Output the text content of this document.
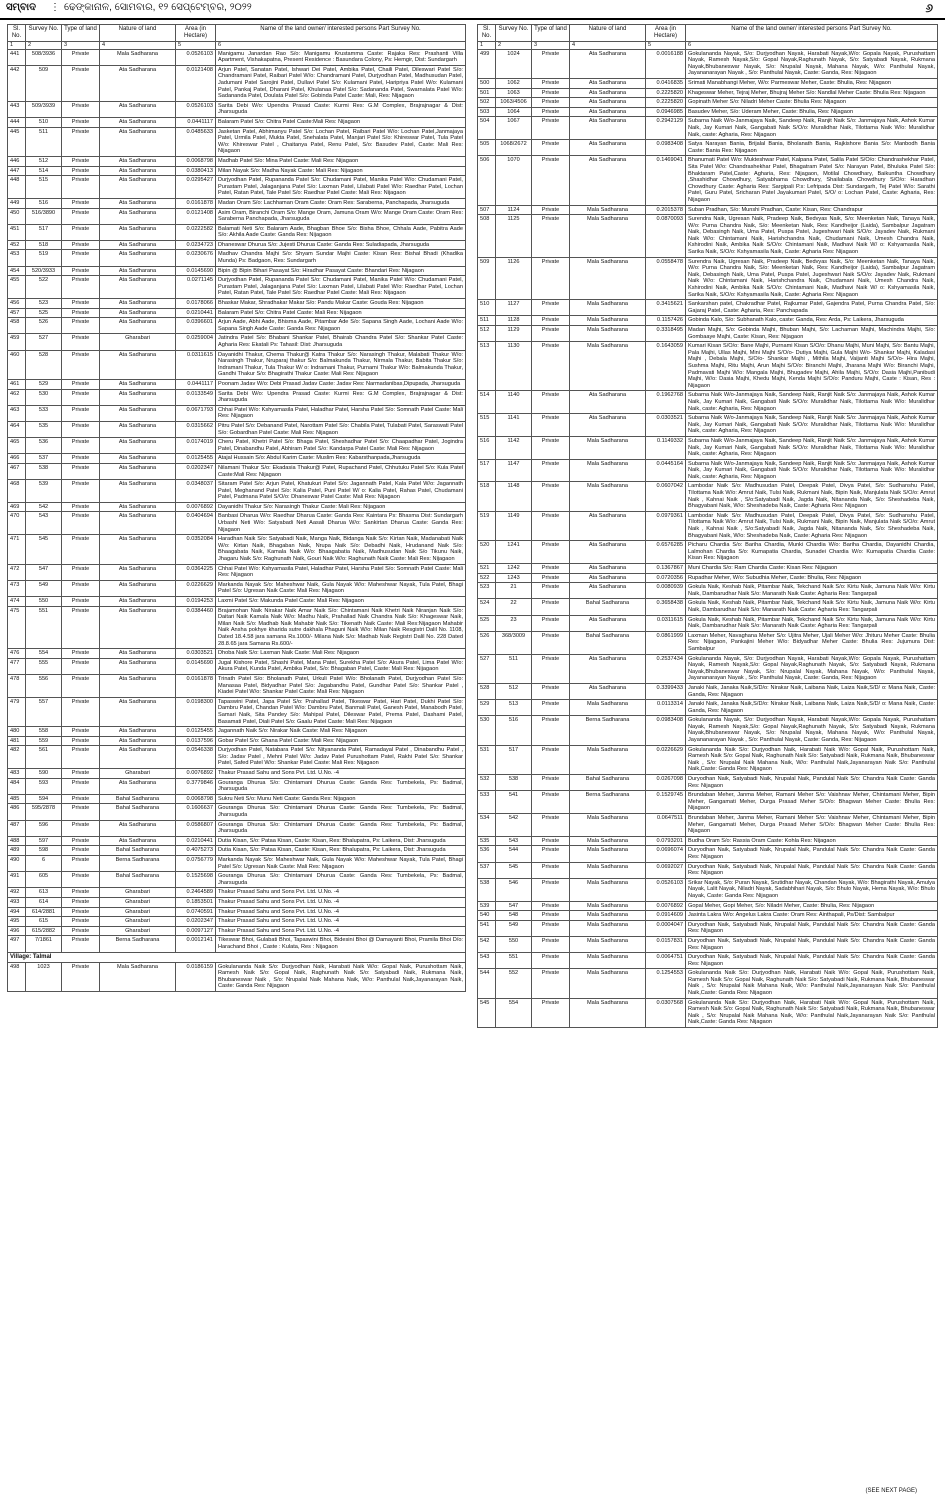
ସମ୍ବାଦ ⋮ ଢେଙ୍କାନାଳ, ସୋମବାର, ୧୨ ସେପ୍ଟେମ୍ବର, ୨୦୨୨	୬
Sl. No.	Survey No.	Type of land	Nature of land	Area (in Hectare)	Name of the land owner/ interested persons Part Survey No.
1	2	3	4	5	6
441	508/3936	Private	Mala Sadharana	0.0526103	Manigamu Janardan Rao S/o: Manigamu Krustamma Caste: Rajaka Res: Prashanti Villa Apartment, Vishakapatna, Present Residence : Basundara Colony, Ps: Hemgir, Dist: Sundargarh
442	509	Private	Ata Sadharana	0.0121408	Arjun Patel, Sanatan Patel, Ishwari Dei Patel, Ambika Patel, Chaili Patel, Dileswari Patel S/o: Chandramani Patel, Raibari Patel W/o: Chandramani Patel, Durjyodhan Patel, Madhusudan Patel, Jadumani Patel Sarojini Patel, Dullavi Patel S/o: Kulamani Patel, Haripriya Patel W/o: Kulamani Patel, Pankaj Patel, Dharani Patel, Khulanaa Patel S/o: Sadananda Patel, Swarnalata Patel W/o: Sadananda Patel, Doulata Patel S/o: Gobinda Patel Caste: Mali, Res: Nijagaon
443	509/3939	Private	Ata Sadharana	0.0526103	Sarita Debi W/o: Upendra Prasad Caste: Kurmi Res: G.M Complex, Brajrajnagar & Dist: Jharsuguda
444	510	Private	Ata Sadharana	0.0441117	Balaram Patel S/o: Chitra Patel Caste:Mali Res: Nijagaon
445	511	Private	Ata Sadharana	0.0485633	Jasketan Patel, Abhimanyu Patel S/o: Lochan Patel, Raibari Patel W/o: Lochan Patel,Janmajaya Patel, Urmila Patel, Mukta Patel, Snehalata Patel, Manjari Patel S/o: Khireswar Patel, Tula Patel W/o: Khireswar Patel , Chaitanya Patel, Renu Patel, S/o: Basudev Patel, Caste: Mali Res: Nijagaon
446	512	Private	Ata Sadharana	0.0068798	Madhab Patel S/o: Mina Patel Caste: Mali Res: Nijagaon
447	514	Private	Ata Sadharana	0.0380413	Milan Nayak S/o: Madha Nayak Caste: Mali Res: Nijagaon
448	515	Private	Ata Sadharana	0.0295427	Durjyodhan Patel, Rupananda Patel S/o: Chudamani Patel, Manika Patel W/o: Chudamani Patel, Purastam Patel, Jalaganjana Patel S/o: Laxman Patel, Lilabati Patel W/o: Raedhar Patel, Lochan Patel, Ratan Patel, Tale Patel S/o: Raedhar Patel Caste: Mali Res: Nijagaon
449	516	Private	Ata Sadharana	0.0161878	Madan Oram S/o: Lachhaman Oram Caste: Oram Res: Saraberna, Panchapada, Jharsuguda
450	516/3890	Private	Ata Sadharana	0.0121408	Asim Oram, Biranchi Oram S/o: Mange Oram, Jamuna Oram W/o: Mange Oram Caste: Oram Res: Saraberna Panchapada, Jharsuguda
451	517	Private	Ata Sadharana	0.0222582	Balamati Neti S/o: Balaram Aade, Bhagban Bhoe S/o: Bisha Bhoe, Chhala Aade, Pabitra Aade S/o: Akhila Aade Caste: Ganda Res: Nijagaon
452	518	Private	Ata Sadharana	0.0234723	Dhaneswar Dhurua S/o: Jujesti Dhurua Caste: Ganda Res: Suladiapada, Jharsuguda
453	519	Private	Ata Sadharana	0.0230676	Madhav Chandra Majhi S/o: Shyam Sundar Majhi Caste: Kisan Res: Bishal Bhadi (Khadika Munda) Ps: Badgaon, Res: Sundargarh
454	520/3933	Private	Ata Sadharana	0.0145690	Bipin @ Bipin Bihari Pasayat S/o: Hiradhar Pasayat Caste: Bhandari Res: Nijagaon
455	522	Private	Ata Sadharana	0.0271145	Durjyodhan Patel, Rupananda Patel S/o: Chudamani Patel, Manika Patel W/o: Chudamani Patel, Purastam Patel, Jalaganjana Patel S/o: Laxman Patel, Lilabati Patel W/o: Raedhar Patel, Lochan Patel, Ratan Patel, Tale Patel S/o: Raedhar Patel Caste: Mali Res: Nijagaon
456	523	Private	Ata Sadharana	0.0178066	Bhaskar Makar, Shradhakar Makar S/o: Pandu Makar Caste: Gouda Res: Nijagaon
457	525	Private	Ata Sadharana	0.0210441	Balaram Patel S/o: Chitra Patel Caste: Mali Res: Nijagaon
458	526	Private	Ata Sadharana	0.0396601	Arjun Aade, Abhi Aade, Bhisma Aade, Pitambar Ade S/o: Sapana Singh Aade, Lochani Aade W/o: Sapana Singh Aade Caste: Ganda Res: Nijagaon
459	527	Private	Gharabari	0.0259004	Jatindra Patel S/o: Bhabani Shankar Patel, Bhairab Chandra Patel S/o: Shankar Patel Caste: Agharia Res: Ekatali Ps: Tahasil: Dist: Jharsuguda
460	528	Private	Ata Sadharana	0.0311615	Dayanidhi Thakur, Chema Thakur@ Katra Thakur S/o: Narasingh Thakur, Malabati Thakur W/o: Narasingh Thakur, Nruparaj thakur S/o: Balmakunda Thakur, Nirmala Thakur, Babita Thakur S/o: Indramani Thakur, Tula Thakur W/ o: Indramani Thakur, Purnami Thakur W/o: Balmakunda Thakur, Gandhi Thakur S/o: Bhagirathi Thakur Caste: Mali Res: Nijagaon
461	529	Private	Ata Sadharana	0.0441117	Poonam Jadav W/o: Debi Prasad Jadav Caste: Jadav Res: Narmadanibas,Dipupada, Jharsuguda
462	530	Private	Ata Sadharana	0.0133549	Sarita Debi W/o: Upendra Prasad Caste: Kurmi Res: G.M Complex, Brajrajnagar & Dist: Jharsuguda
463	533	Private	Ata Sadharana	0.0671793	Chhai Patel W/o: Kshyamasila Patel, Haladhar Patel, Harsha Patel S/o: Somnath Patel Caste: Mali Res: Nijagaon
464	535	Private	Ata Sadharana	0.0315662	Pitru Patel S/o: Debanand Patel, Narottam Patel S/o: Chabila Patel, Tulabati Patel, Saraswati Patel S/o: Gobardhan Patel Caste: Mali Res: Nijagaon
465	536	Private	Ata Sadharana	0.0174019	Cheru Patel, Khetri Patel S/o: Bhaga Patel, Sheshadhar Patel S/o: Chaapadhar Patel, Jogindra Patel, Dinabandhu Patel, Abhiram Patel S/o: Kandarpa Patel Caste: Mali Res: Nijagaon
466	537	Private	Ata Sadharana	0.0125455	Atajal Hussain S/o: Abdul Karim Caste: Muslim Res: Kabarsthanpada,Jharsuguda
467	538	Private	Ata Sadharana	0.0202347	Nilamani Thakur S/o: Ekadasia Thakur@ Patel, Rupachand Patel, Chhutuku Patel S/o: Kula Patel Caste:Mali Res: Nijagaon
468	539	Private	Ata Sadharana	0.0348037	Sitaram Patel S/o: Arjun Patel, Khatukuri Patel S/o: Jagannath Patel, Kala Patel W/o: Jagannath Patel, Meghanand Patel S/o: Kalia Patel, Puni Patel W/ o: Kalia Patel, Rahas Patel, Chudamani Patel, Padmana Patel S/O/o: Dhaneswar Patel Caste: Mali Res: Nijagaon
469	542	Private	Ata Sadharana	0.0076892	Dayanidhi Thakur S/o: Narasingh Thakur Caste: Mali Res: Nijagaon
470	543	Private	Ata Sadharana	0.0404694	Banbasi Dharua W/o: Raedhar Dharua Caste: Ganda Res: Kaintara Ps: Bhasma Dist: Sundargarh Urbashi Neti W/o: Satyabadi Neti Aasali Dharua W/o: Sankirtan Dharua Caste: Ganda Res: Nijagaon
471	545	Private	Ata Sadharana	0.0352084	Haradhan Naik S/o: Satyabadi Naik, Manga Naik, Bidanga Naik S/o: Kirtan Naik, Madanabati Naik W/o: Kirtan Naik, Bhagaban Naik, Nrupa Naik S/o: Debadhi Naik, Hrudanand Naik S/o: Bhaagabata Naik, Kamala Naik W/o: Bhaagabatia Naik, Madhusudan Naik S/o Tikunu Naik, Jhagaru Naik S/o: Raghunath Naik, Gouri Naik W/o: Raghunath Naik Caste: Mali Res: Nijagaon
472	547	Private	Ata Sadharana	0.0364225	Chhai Patel W/o: Kshyamasila Patel, Haladhar Patel, Harsha Patel S/o: Somnath Patel Caste: Mali Res: Nijagaon
473	549	Private	Ata Sadharana	0.0226629	Markanda Nayak S/o: Maheshwar Naik, Gula Nayak W/o: Maheshwar Nayak, Tula Patel, Bhagi Patel S/o: Ugresan Naik Caste: Mali Res: Nijagaon
474	550	Private	Ata Sadharana	0.0194253	Laxmi Patel S/o: Makunda Patel Caste: Mali Res: Nijagaon
475	551	Private	Ata Sadharana	0.0384460	Brajamohan Naik Nirakar Naik Amar Naik S/o: Chintamani Naik Khetri Naik Niranjan Naik S/o: Daitari Naik Kamala Naik W/o: Madhu Naik, Prahallad Naik Chandra Naik S/o: Khageswar Naik, Milan Naik S/o: Madhab Naik Mahabir Naik S/o: Tikenath Naik Caste: Mali Res:Nijagaon Mahabir Naik Ansha pokhye kharida sutre dakhala Phaguni Naik W/o: Milan Naik Resgistri Dalil No. 1108, Dated 18.4.58 jara samana Rs.1000/- Milana Naik S/o: Madhab Naik Registri Dalil No. 228 Dated 28.8.65 jara Samana Rs.600/-
476	554	Private	Ata Sadharana	0.0303521	Dhoba Naik S/o: Laxman Naik Caste: Mali Res: Nijagaon
477	555	Private	Ata Sadharana	0.0145690	Jugal Kishore Patel, Shashi Patel, Mana Patel, Surekha Patel S/o: Akura Patel, Lima Patel W/o: Akura Patel, Kunda Patel, Ambika Patel, S/o: Bhagaban Patel, Caste: Mali Res: Nijagaon
478	556	Private	Ata Sadharana	0.0161878	Trinath Patel S/o: Bholanath Patel, Urkuli Patel W/o: Bholanath Patel, Durjyodhan Patel S/o: Manasaa Patel, Bidyadhar Patel S/o: Jagabandhu Patel, Gundhar Patel S/o: Shankar Patel , Kiadei Patel W/o: Shankar Patel Caste: Mali Res: Nijagaon
479	557	Private	Ata Sadharana	0.0198300	Tapaswini Patel, Japa Patel S/o: Prahallad Patel, Tikeswar Patel, Hari Patel, Dukhi Patel S/o: Dambru Patel, Chandan Patel W/o: Dambru Patel, Banmali Patel, Ganesh Patel, Manabodh Patel, Samari Naik, Sita Pandey S/o: Mahipal Patel, Dileswar Patel, Prema Patel, Dashami Patel, Basamati Patel, Diali Patel S/o: Gaalu Patel Caste: Mali Res: Nijagaon
480	558	Private	Ata Sadharana	0.0125455	Jagannath Naik S/o: Nirakar Naik Caste: Mali Res: Nijagaon
481	559	Private	Ata Sadharana	0.0137596	Gobar Patel S/o: Ghana Patel Caste: Mali Res: Nijagaon
482	561	Private	Ata Sadharana	0.0546338	Durjyodhan Patel, Natabara Patel S/o: Nityananda Patel, Ramadayal Patel , Dinabandhu Patel , S/o: Jadav Patel , Mehni Patel W/o: Jadav Patel Purushottam Patel, Rakhi Patel S/o: Shankar Patel, Safed Patel W/o: Shankar Patel Caste: Mali Res: Nijagaon
483	590	Private	Gharabari	0.0076892	Thakur Prasad Sahu and Sons Pvt. Ltd. U.No. -4
484	593	Private	Ata Sadharana	0.3779846	Gouranga Dhurua S/o: Chintamani Dhurua Caste: Ganda Res: Tumbekela, Ps: Badmal, Jharsuguda
485	594	Private	Bahal Sadharana	0.0068798	Sukru Neti S/o: Munu Neti Caste: Ganda Res: Nijagaon
486	595/2878	Private	Bahal Sadharana	0.1606637	Gouranga Dhurua S/o: Chintamani Dhurua Caste: Ganda Res: Tumbekela, Ps: Badmal, Jharsuguda
487	596	Private	Ata Sadharana	0.0586807	Gouranga Dhurua S/o: Chintamani Dhurua Caste: Ganda Res: Tumbekela, Ps: Badmal, Jharsuguda
488	597	Private	Ata Sadharana	0.0210441	Dutia Kisan, S/o: Pataa Kisan, Caste: Kisan, Res: Bhalupatra, Ps: Laikera, Dist: Jharsuguda
489	598	Private	Bahal Sadharana	0.4075273	Dutia Kisan, S/o: Pataa Kisan, Caste: Kisan, Res: Bhalupatra, Ps: Laikera, Dist: Jharsuguda
490	6	Private	Berna Sadharana	0.0756779	Markanda Nayak S/o: Maheshwar Naik, Gula Nayak W/o: Maheshwar Nayak, Tula Patel, Bhagi Patel S/o: Ugresan Naik Caste: Mali Res: Nijagaon
491	605	Private	Bahal Sadharana	0.1525698	Gouranga Dhurua S/o: Chintamani Dhurua Caste: Ganda Res: Tumbekela, Ps: Badmal, Jharsuguda
492	613	Private	Gharabari	0.2464589	Thakur Prasad Sahu and Sons Pvt. Ltd. U.No. -4
493	614	Private	Gharabari	0.1853501	Thakur Prasad Sahu and Sons Pvt. Ltd. U.No. -4
494	614/2881	Private	Gharabari	0.0740591	Thakur Prasad Sahu and Sons Pvt. Ltd. U.No. -4
495	615	Private	Gharabari	0.0202347	Thakur Prasad Sahu and Sons Pvt. Ltd. U.No. -4
496	615/2882	Private	Gharabari	0.0097127	Thakur Prasad Sahu and Sons Pvt. Ltd. U.No. -4
497	7/1861	Private	Berna Sadharana	0.0012141	Tikeswar Bhoi, Gulabati Bhoi, Tapaswini Bhoi, Bidesini Bhoi @ Damayanti Bhoi, Pramila Bhoi D/o: Harachand Bhoi , Caste : Kulata, Res : Nijagaon
Village: Talmal					
498	1023	Private	Mala Sadharana	0.0186159	Gokulananda Naik S/o: Durjyodhan Naik, Harabati Naik W/o: Gopal Naik, Purushottam Naik, Ramesh Naik S/o: Gopal Naik, Raghunath Naik S/o: Satyabadi Naik, Rukmana Naik, Bhubaneswar Naik , S/o: Nrupalal Naik Mahana Naik, W/o: Panthulal Naik,Jayanarayan Naik, Caste: Ganda Res: Nijagaon
Sl. No.	Survey No.	Type of land	Nature of land	Area (in Hectare)	Name of the land owner/ interested persons Part Survey No.
1	2	3	4	5	6
499	1024	Private	Ata Sadharana	0.0016188	Gokulananda Nayak, S/o: Durjyodhan Nayak, Harabati Nayak,W/o: Gopala Nayak, Purushattam Nayak, Ramesh Nayak,S/o: Gopal Nayak,Raghunath Nayak, S/o: Satyabadi Nayak, Rukmana Nayak,Bhubaneswar Nayak, S/o: Nrupalal Nayak, Mahana Nayak, W/o: Panthulal Nayak, Jayananarayan Nayak , S/o: Panthulal Nayak, Caste: Ganda, Res: Nijagaon
500	1062	Private	Ata Sadharana	0.0416835	Srimati Manabhangi Meher, W/o: Parmeswar Meher, Caste: Bhulia, Res: Nijagaon
501	1063	Private	Ata Sadharana	0.2225820	Khageswar Meher, Tejraj Meher, Bhujraj Meher S/o: Nandlal Meher Caste: Bhulia Res: Nijagaon
502	1063/4506	Private	Ata Sadharana	0.2225820	Gopinath Meher S/o: Niladri Meher Caste: Bhulia Res: Nijagaon
503	1064	Private	Ata Sadharana	0.0946985	Basudev Meher, S/o: Uderam Meher, Caste: Bhulia, Res: Nijagaon
504	1067	Private	Ata Sadharana	0.2942129	Subarna Naik W/o-Janmajaya Naik, Sandeep Naik, Ranjit Naik S/o: Janmajaya Naik, Ashok Kumar Naik, Jay Kumari Naik, Gangabati Naik S/O/o: Muralidhar Naik, Tilottama Naik W/o: Muralidhar Naik, caste: Agharia, Res: Nijagaon
505	1068/2672	Private	Ata Sadharana	0.0983408	Satya Narayan Bania, Brijalal Bania, Bholanath Bania, Rajkishore Bania S/o: Manbodh Bania Caste: Bania Res: Nijagaon
506	1070	Private	Ata Sadharana	0.1469041	Bhanumati Patel W/o: Mukteshwar Patel, Kalpana Patel, Salila Patel S/O/o: Chandrashekhar Patel, Sita Patel W/o: Chandrashekhar Patel, Bhagatram Patel S/o: Narayan Patel, Bhuluka Patel S/o: Bhaktaram Patel,Caste: Agharia, Res: Nijagaon, Motilal Chowdhary, Baikuntha Chowdhary ,Shashidhar Chowdhury, Satyabhama Chowdhury, Shailabala Chowdhury S/O/o: Haradhan Chowdhury Caste: Agharia Res: Sargipali P.s: Lefripada Dist: Sundargarh, Tej Patel W/o: Sarathi Patel, Guru Patel, Sricharan Patel Jayakumari Patel, S/O/ o: Lochan Patel, Caste: Agharia, Res: Nijagaon
507	1124	Private	Mala Sadharana	0.2015378	Suban Pradhan, S/o: Munshi Pradhan, Caste: Kisan, Res: Chandrapur
508	1125	Private	Mala Sadharana	0.0870093	Surendra Naik, Ugresan Naik, Pradeep Naik, Bedvyas Naik, S/o: Meenketan Naik, Tanaya Naik, W/o: Purna Chandra Naik, S/o: Meenketan Naik, Res: Kandheijor (Laida), Sambalpur Jagatram Naik, Debasingh Naik, Uma Patel, Puspa Patel, Jugeshwari Naik S/O/o: Jayadev Naik, Rukmani Naik W/o: Chintamani Naik, Harishchandra Naik, Chudamani Naik, Umesh Chandra Naik, Kshirodini Naik, Ambika Naik S/O/o: Chintamani Naik, Madhavi Naik W/ o: Kshyamasila Naik, Sarika Naik, S/O/o: Kshyamasila Naik, Caste: Agharia Res: Nijagaon
509	1126	Private	Mala Sadharana	0.0558478	Surendra Naik, Ugresan Naik, Pradeep Naik, Bedvyas Naik, S/o: Meenketan Naik, Tanaya Naik, W/o: Purna Chandra Naik, S/o: Meenketan Naik, Res: Kandheijor (Laida), Sambalpur Jagatram Naik, Debasingh Naik, Uma Patel, Puspa Patel, Jugeshwari Naik S/O/o: Jayadev Naik, Rukmani Naik W/o: Chintamani Naik, Harishchandra Naik, Chudamani Naik, Umesh Chandra Naik, Kshirodini Naik, Ambika Naik S/O/o: Chintamani Naik, Madhavi Naik W/ o: Kshyamasila Naik, Sarika Naik, S/O/o: Kshyamasila Naik, Caste: Agharia Res: Nijagaon
510	1127	Private	Mala Sadharana	0.3415621	Sankarshan patel, Chakradhar Patel, Rajkumar Patel, Gajendra Patel, Purna Chandra Patel, S/o: Gajaraj Patel, Caste: Agharia, Res: Panchapada
511	1128	Private	Mala Sadharana	0.1157426	Gobinda Kalo, S/o: Subhanath Kalo, caste: Ganda, Res: Arda, Ps: Laikera, Jharsuguda
512	1129	Private	Mala Sadharana	0.3318495	Madan Majhi, S/o: Gobinda Majhi, Bhuban Majhi, S/o: Lachaman Majhi, Machindra Majhi, S/o: Gombaaye Majhi, Caste: Kisan, Res: Nijagaon
513	1130	Private	Mala Sadharana	0.1643059	Kumari Kisan S/O/o: Bane Majhi, Purnami Kisan S/O/o: Dhanu Majhi, Muni Majhi, S/o: Bantu Majhi, Pala Majhi, Ullas Majhi, Mini Majhi S/O/o- Dutiya Majhi, Gula Majhi W/o- Shankar Majhi, Kaladasi Majhi , Debala Majhi, S/O/o- Shankar Majhi , Mithila Majhi, Vaijanti Majhi S/O/o- Hira Majhi, Sushma Majhi, Ritu Majhi, Arun Majhi S/O/o: Biranchi Majhi, Jharana Majhi W/o: Biranchi Majhi, Padmavati Majhi W/o: Mangala Majhi, Bhugadev Majhi, Ahila Majhi, S/O/o: Dasia Majhi,Panibudi Majhi, W/o: Dasia Majhi, Khedu Majhi, Kenda Majhi S/O/o: Panduru Majhi, Caste : Kisan, Res : Nijagaon
514	1140	Private	Ata Sadharana	0.1962768	Subarna Naik W/o-Janmajaya Naik, Sandeep Naik, Ranjit Naik S/o: Janmajaya Naik, Ashok Kumar Naik, Jay Kumari Naik, Gangabati Naik S/O/o: Muralidhar Naik, Tilottama Naik W/o: Muralidhar Naik, caste: Agharia, Res: Nijagaon
515	1141	Private	Ata Sadharana	0.0303521	Subarna Naik W/o-Janmajaya Naik, Sandeep Naik, Ranjit Naik S/o: Janmajaya Naik, Ashok Kumar Naik, Jay Kumari Naik, Gangabati Naik S/O/o: Muralidhar Naik, Tilottama Naik W/o: Muralidhar Naik, caste: Agharia, Res: Nijagaon
516	1142	Private	Mala Sadharana	0.1149332	Subarna Naik W/o-Janmajaya Naik, Sandeep Naik, Ranjit Naik S/o: Janmajaya Naik, Ashok Kumar Naik, Jay Kumari Naik, Gangabati Naik S/O/o: Muralidhar Naik, Tilottama Naik W/o: Muralidhar Naik, caste: Agharia, Res: Nijagaon
517	1147	Private	Mala Sadharana	0.0445164	Subarna Naik W/o-Janmajaya Naik, Sandeep Naik, Ranjit Naik S/o: Janmajaya Naik, Ashok Kumar Naik, Jay Kumari Naik, Gangabati Naik S/O/o: Muralidhar Naik, Tilottama Naik W/o: Muralidhar Naik, caste: Agharia, Res: Nijagaon
518	1148	Private	Mala Sadharana	0.0607042	Lambodar Naik S/o: Madhusudan Patel, Deepak Patel, Divya Patel, S/o: Sudhanshu Patel, Tilottama Naik W/o: Amrut Naik, Tulsi Naik, Rukmani Naik, Bipin Naik, Manjulata Naik S/O/o: Amrut Naik , Kahnai Naik , S/o:Satyabadi Naik, Jagda Naik, Nitananda Naik, S/o: Sheshadeba Naik, Bhagyabani Naik, W/o: Sheshadeba Naik, Caste: Agharia Res: Nijagaon
519	1149	Private	Ata Sadharana	0.0979361	Lambodar Naik S/o: Madhusudan Patel, Deepak Patel, Divya Patel, S/o: Sudhanshu Patel, Tilottama Naik W/o: Amrut Naik, Tulsi Naik, Rukmani Naik, Bipin Naik, Manjulata Naik S/O/o: Amrut Naik , Kahnai Naik , S/o:Satyabadi Naik, Jagda Naik, Nitananda Naik, S/o: Sheshadeba Naik, Bhagyabani Naik, W/o: Sheshadeba Naik, Caste: Agharia Res: Nijagaon
520	1241	Private	Ata Sadharana	0.6576285	Picharu Chardia S/o: Bariha Chardia, Munki Chardia W/o: Bariha Chardia, Dayanidhi Chardia, Lalmohan Chardia S/o: Kumapatia Chardia, Sunadei Chardia W/o: Kumapatia Chardia Caste: Kisan Res: Nijagaon
521	1242	Private	Ata Sadharana	0.1367867	Muni Chardia S/o: Ram Chardia Caste: Kisan Res: Nijagaon
522	1243	Private	Ata Sadharana	0.0720356	Rupadhar Meher, W/o: Subudhia Meher, Caste: Bhulia, Res: Nijagaon
523	21	Private	Ata Sadharana	0.0080939	Gokula Naik, Keshab Naik, Pitambar Naik, Tekchand Naik S/o: Kirtu Naik, Jamuna Naik W/o: Kirtu Naik, Dambarudhar Naik S/o: Manarath Naik Caste: Agharia Res: Tangarpali
524	22	Private	Bahal Sadharana	0.3658438	Gokula Naik, Keshab Naik, Pitambar Naik, Tekchand Naik S/o: Kirtu Naik, Jamuna Naik W/o: Kirtu Naik, Dambarudhar Naik S/o: Manarath Naik Caste: Agharia Res: Tangarpali
525	23	Private	Ata Sadharana	0.0311615	Gokula Naik, Keshab Naik, Pitambar Naik, Tekchand Naik S/o: Kirtu Naik, Jamuna Naik W/o: Kirtu Naik, Dambarudhar Naik S/o: Manarath Naik Caste: Agharia Res: Tangarpali
526	368/3009	Private	Bahal Sadharana	0.0861999	Laxman Meher, Navaghana Meher S/o: Ujitra Meher, Ujali Meher W/o: Jhituru Meher Caste: Bhulia Res: Nijagaon, Pankajini Meher W/o: Bidyadhar Meher Caste: Bhulia Res: Jujumura Dist: Sambalpur
527	511	Private	Ata Sadharana	0.2537434	Gokulananda Nayak, S/o: Durjyodhan Nayak, Harabati Nayak,W/o: Gopala Nayak, Purushattam Nayak, Ramesh Nayak,S/o: Gopal Nayak,Raghunath Nayak, S/o: Satyabadi Nayak, Rukmana Nayak,Bhubaneswar Nayak, S/o: Nrupalal Nayak, Mahana Nayak, W/o: Panthulal Nayak, Jayananarayan Nayak , S/o: Panthulal Nayak, Caste: Ganda, Res: Nijagaon
528	512	Private	Ata Sadharana	0.3399433	Janaki Naik, Janaka Naik,S/D/o: Nirakar Naik, Laibana Naik, Laiza Naik,S/D/ o: Mana Naik, Caste: Ganda, Res: Nijagaon
529	513	Private	Mala Sadharana	0.0113314	Janaki Naik, Janaka Naik,S/D/o: Nirakar Naik, Laibana Naik, Laiza Naik,S/D/ o: Mana Naik, Caste: Ganda, Res: Nijagaon
530	516	Private	Berna Sadharana	0.0983408	Gokulananda Nayak, S/o: Durjyodhan Nayak, Harabati Nayak,W/o: Gopala Nayak, Purushattam Nayak, Ramesh Nayak,S/o: Gopal Nayak,Raghunath Nayak, S/o: Satyabadi Nayak, Rukmana Nayak,Bhubaneswar Nayak, S/o: Nrupalal Nayak, Mahana Nayak, W/o: Panthulal Nayak, Jayananarayan Nayak , S/o: Panthulal Nayak, Caste: Ganda, Res: Nijagaon
531	517	Private	Mala Sadharana	0.0226629	Gokulananda Naik S/o: Durjyodhan Naik, Harabati Naik W/o: Gopal Naik, Purushottam Naik, Ramesh Naik S/o: Gopal Naik, Raghunath Naik S/o: Satyabadi Naik, Rukmana Naik, Bhubaneswar Naik , S/o: Nrupalal Naik Mahana Naik, W/o: Panthulal Naik,Jayanarayan Naik S/o: Panthulal Naik,Caste: Ganda Res: Nijagaon
532	538	Private	Bahal Sadharana	0.0267098	Duryodhan Naik, Satyabadi Naik, Nrupalal Naik, Pandulal Naik S/o: Chandra Naik Caste: Ganda Res: Nijagaon
533	541	Private	Berna Sadharana	0.1529745	Brundaban Meher, Janma Meher, Ramani Meher S/o: Vaishnav Meher, Chintamani Meher, Bipin Meher, Gangamati Meher, Durga Prasad Meher S/O/o: Bhagwan Meher Caste: Bhulia Res: Nijagaon
534	542	Private	Mala Sadharana	0.0647511	Brundaban Meher, Janma Meher, Ramani Meher S/o: Vaishnav Meher, Chintamani Meher, Bipin Meher, Gangamati Meher, Durga Prasad Meher S/O/o: Bhagwan Meher Caste: Bhulia Res: Nijagaon
535	543	Private	Mala Sadharana	0.0793201	Budha Oram S/o: Rassia Oram Caste: Kohla Res: Nijagaon
536	544	Private	Mala Sadharana	0.0696074	Duryodhan Naik, Satyabadi Naik, Nrupalal Naik, Pandulal Naik S/o: Chandra Naik Caste: Ganda Res: Nijagaon
537	545	Private	Mala Sadharana	0.0692027	Duryodhan Naik, Satyabadi Naik, Nrupalal Naik, Pandulal Naik S/o: Chandra Naik Caste: Ganda Res: Nijagaon
538	546	Private	Mala Sadharana	0.0526103	Srikar Nayak, S/o: Puran Nayak, Srutidhar Nayak, Chandan Nayak, W/o: Bhagirathi Nayak, Amulya Nayak, Lalit Nayak, Niladri Nayak, Sadabhihari Nayak, S/o: Bhulo Nayak, Hema Nayak, W/o: Bhulo Nayak, Caste: Ganda Res: Nijagaon
539	547	Private	Mala Sadharana	0.0076892	Gopal Meher, Gopi Meher, S/o: Niladri Meher, Caste: Bhulia, Res: Nijagaon
540	548	Private	Mala Sadharana	0.0914609	Jasinta Lakra W/o: Angelus Lakra Caste: Oram Res: Ainthapali, Ps/Dist: Sambalpur
541	549	Private	Mala Sadharana	0.0004047	Duryodhan Naik, Satyabadi Naik, Nrupalal Naik, Pandulal Naik S/o: Chandra Naik Caste: Ganda Res: Nijagaon
542	550	Private	Mala Sadharana	0.0157831	Duryodhan Naik, Satyabadi Naik, Nrupalal Naik, Pandulal Naik S/o: Chandra Naik Caste: Ganda Res: Nijagaon
543	551	Private	Mala Sadharana	0.0064751	Duryodhan Naik, Satyabadi Naik, Nrupalal Naik, Pandulal Naik S/o: Chandra Naik Caste: Ganda Res: Nijagaon
544	552	Private	Mala Sadharana	0.1254553	Gokulananda Naik S/o: Durjyodhan Naik, Harabati Naik W/o: Gopal Naik, Purushottam Naik, Ramesh Naik S/o: Gopal Naik, Raghunath Naik S/o: Satyabadi Naik, Rukmana Naik, Bhubaneswar Naik , S/o: Nrupalal Naik Mahana Naik, W/o: Panthulal Naik,Jayanarayan Naik S/o: Panthulal Naik,Caste: Ganda Res: Nijagaon
545	554	Private	Mala Sadharana	0.0307568	Gokulananda Naik S/o: Durjyodhan Naik, Harabati Naik W/o: Gopal Naik, Purushottam Naik, Ramesh Naik S/o: Gopal Naik, Raghunath Naik S/o: Satyabadi Naik, Rukmana Naik, Bhubaneswar Naik , S/o: Nrupalal Naik Mahana Naik, W/o: Panthulal Naik,Jayanarayan Naik S/o: Panthulal Naik,Caste: Ganda Res: Nijagaon
(SEE NEXT PAGE)
